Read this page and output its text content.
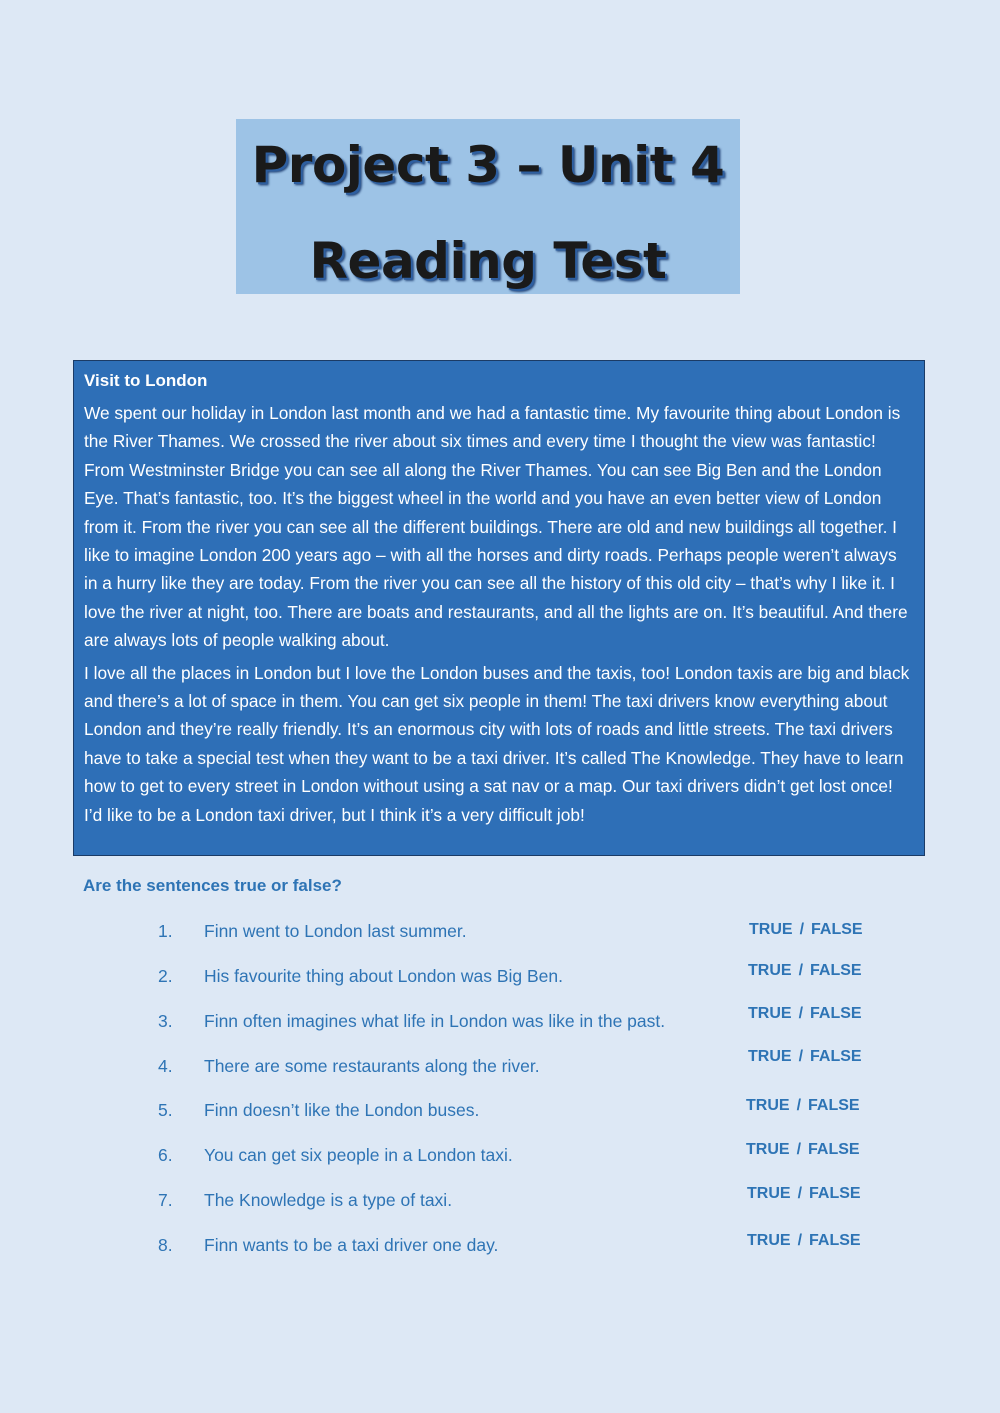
Project 3 – Unit 4
Reading Test
Visit to London

We spent our holiday in London last month and we had a fantastic time. My favourite thing about London is the River Thames. We crossed the river about six times and every time I thought the view was fantastic! From Westminster Bridge you can see all along the River Thames. You can see Big Ben and the London Eye. That’s fantastic, too. It’s the biggest wheel in the world and you have an even better view of London from it. From the river you can see all the different buildings. There are old and new buildings all together. I like to imagine London 200 years ago – with all the horses and dirty roads. Perhaps people weren’t always in a hurry like they are today. From the river you can see all the history of this old city – that’s why I like it. I love the river at night, too. There are boats and restaurants, and all the lights are on. It’s beautiful. And there are always lots of people walking about.

I love all the places in London but I love the London buses and the taxis, too! London taxis are big and black and there’s a lot of space in them. You can get six people in them! The taxi drivers know everything about London and they’re really friendly. It’s an enormous city with lots of roads and little streets. The taxi drivers have to take a special test when they want to be a taxi driver. It’s called The Knowledge. They have to learn how to get to every street in London without using a sat nav or a map. Our taxi drivers didn’t get lost once! I’d like to be a London taxi driver, but I think it’s a very difficult job!

Are the sentences true or false?
1. Finn went to London last summer.	TRUE / FALSE
2. His favourite thing about London was Big Ben.	TRUE / FALSE
3. Finn often imagines what life in London was like in the past.	TRUE / FALSE
4. There are some restaurants along the river.	TRUE / FALSE
5. Finn doesn’t like the London buses.	TRUE / FALSE
6. You can get six people in a London taxi.	TRUE / FALSE
7. The Knowledge is a type of taxi.	TRUE / FALSE
8. Finn wants to be a taxi driver one day.	TRUE / FALSE
